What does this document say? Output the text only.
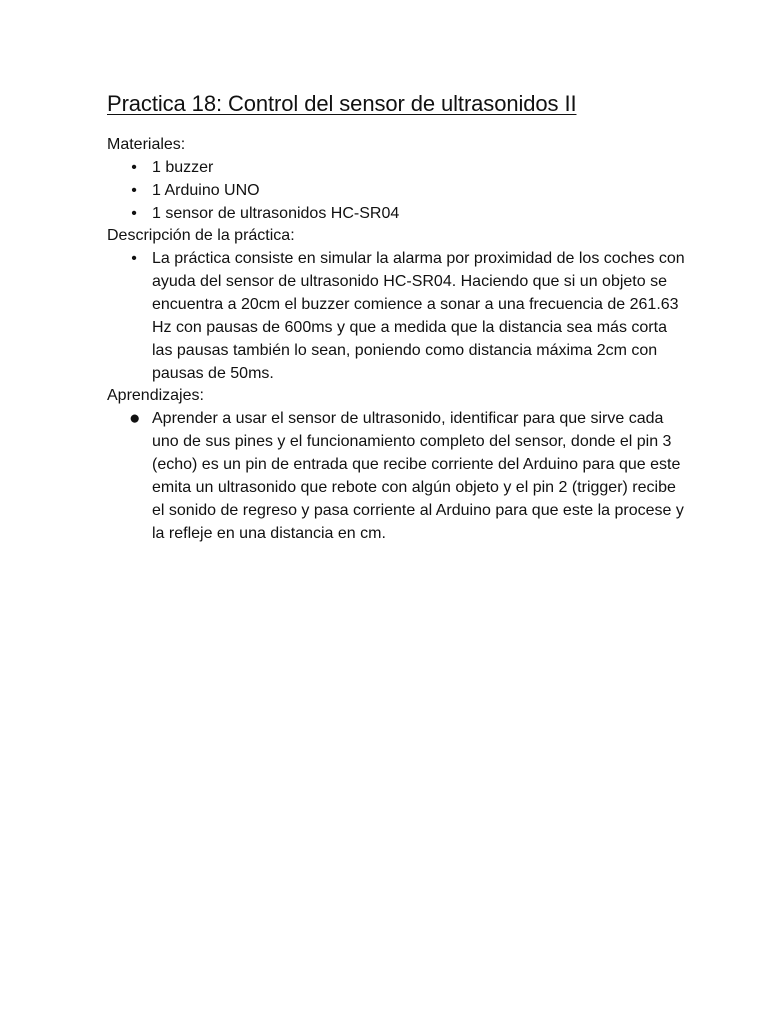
Practica 18: Control del sensor de ultrasonidos II

Materiales:

• 1 buzzer
• 1 Arduino UNO
• 1 sensor de ultrasonidos HC-SR04

Descripción de la práctica:

• La práctica consiste en simular la alarma por proximidad de los coches con ayuda del sensor de ultrasonido HC-SR04. Haciendo que si un objeto se encuentra a 20cm el buzzer comience a sonar a una frecuencia de 261.63 Hz con pausas de 600ms y que a medida que la distancia sea más corta las pausas también lo sean, poniendo como distancia máxima 2cm con pausas de 50ms.

Aprendizajes:

● Aprender a usar el sensor de ultrasonido, identificar para que sirve cada uno de sus pines y el funcionamiento completo del sensor, donde el pin 3 (echo) es un pin de entrada que recibe corriente del Arduino para que este emita un ultrasonido que rebote con algún objeto y el pin 2 (trigger) recibe el sonido de regreso y pasa corriente al Arduino para que este la procese y la refleje en una distancia en cm.
